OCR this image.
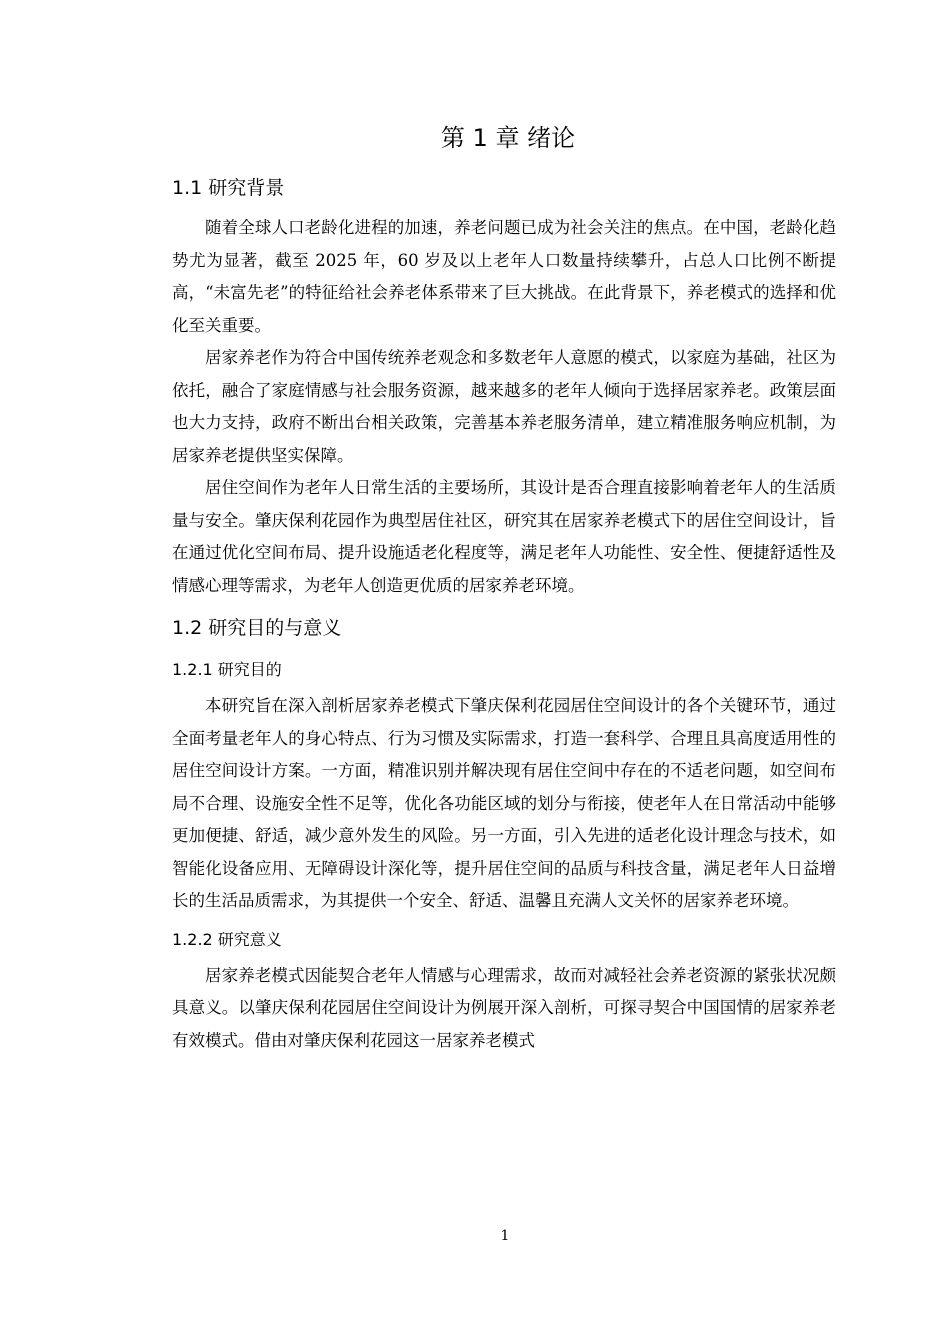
第 1 章 绪论
1.1 研究背景

随着全球人口老龄化进程的加速，养老问题已成为社会关注的焦点。在中国，老龄化趋势尤为显著，截至 2025 年，60 岁及以上老年人口数量持续攀升，占总人口比例不断提高，“未富先老”的特征给社会养老体系带来了巨大挑战。在此背景下，养老模式的选择和优化至关重要。

居家养老作为符合中国传统养老观念和多数老年人意愿的模式，以家庭为基础，社区为依托，融合了家庭情感与社会服务资源，越来越多的老年人倾向于选择居家养老。政策层面也大力支持，政府不断出台相关政策，完善基本养老服务清单，建立精准服务响应机制，为居家养老提供坚实保障。

居住空间作为老年人日常生活的主要场所，其设计是否合理直接影响着老年人的生活质量与安全。肇庆保利花园作为典型居住社区，研究其在居家养老模式下的居住空间设计，旨在通过优化空间布局、提升设施适老化程度等，满足老年人功能性、安全性、便捷舒适性及情感心理等需求，为老年人创造更优质的居家养老环境。

1.2 研究目的与意义
1.2.1 研究目的

本研究旨在深入剖析居家养老模式下肇庆保利花园居住空间设计的各个关键环节，通过全面考量老年人的身心特点、行为习惯及实际需求，打造一套科学、合理且具高度适用性的居住空间设计方案。一方面，精准识别并解决现有居住空间中存在的不适老问题，如空间布局不合理、设施安全性不足等，优化各功能区域的划分与衔接，使老年人在日常活动中能够更加便捷、舒适，减少意外发生的风险。另一方面，引入先进的适老化设计理念与技术，如智能化设备应用、无障碍设计深化等，提升居住空间的品质与科技含量，满足老年人日益增长的生活品质需求，为其提供一个安全、舒适、温馨且充满人文关怀的居家养老环境。

1.2.2 研究意义

居家养老模式因能契合老年人情感与心理需求，故而对减轻社会养老资源的紧张状况颇具意义。以肇庆保利花园居住空间设计为例展开深入剖析，可探寻契合中国国情的居家养老有效模式。借由对肇庆保利花园这一居家养老模式

1
